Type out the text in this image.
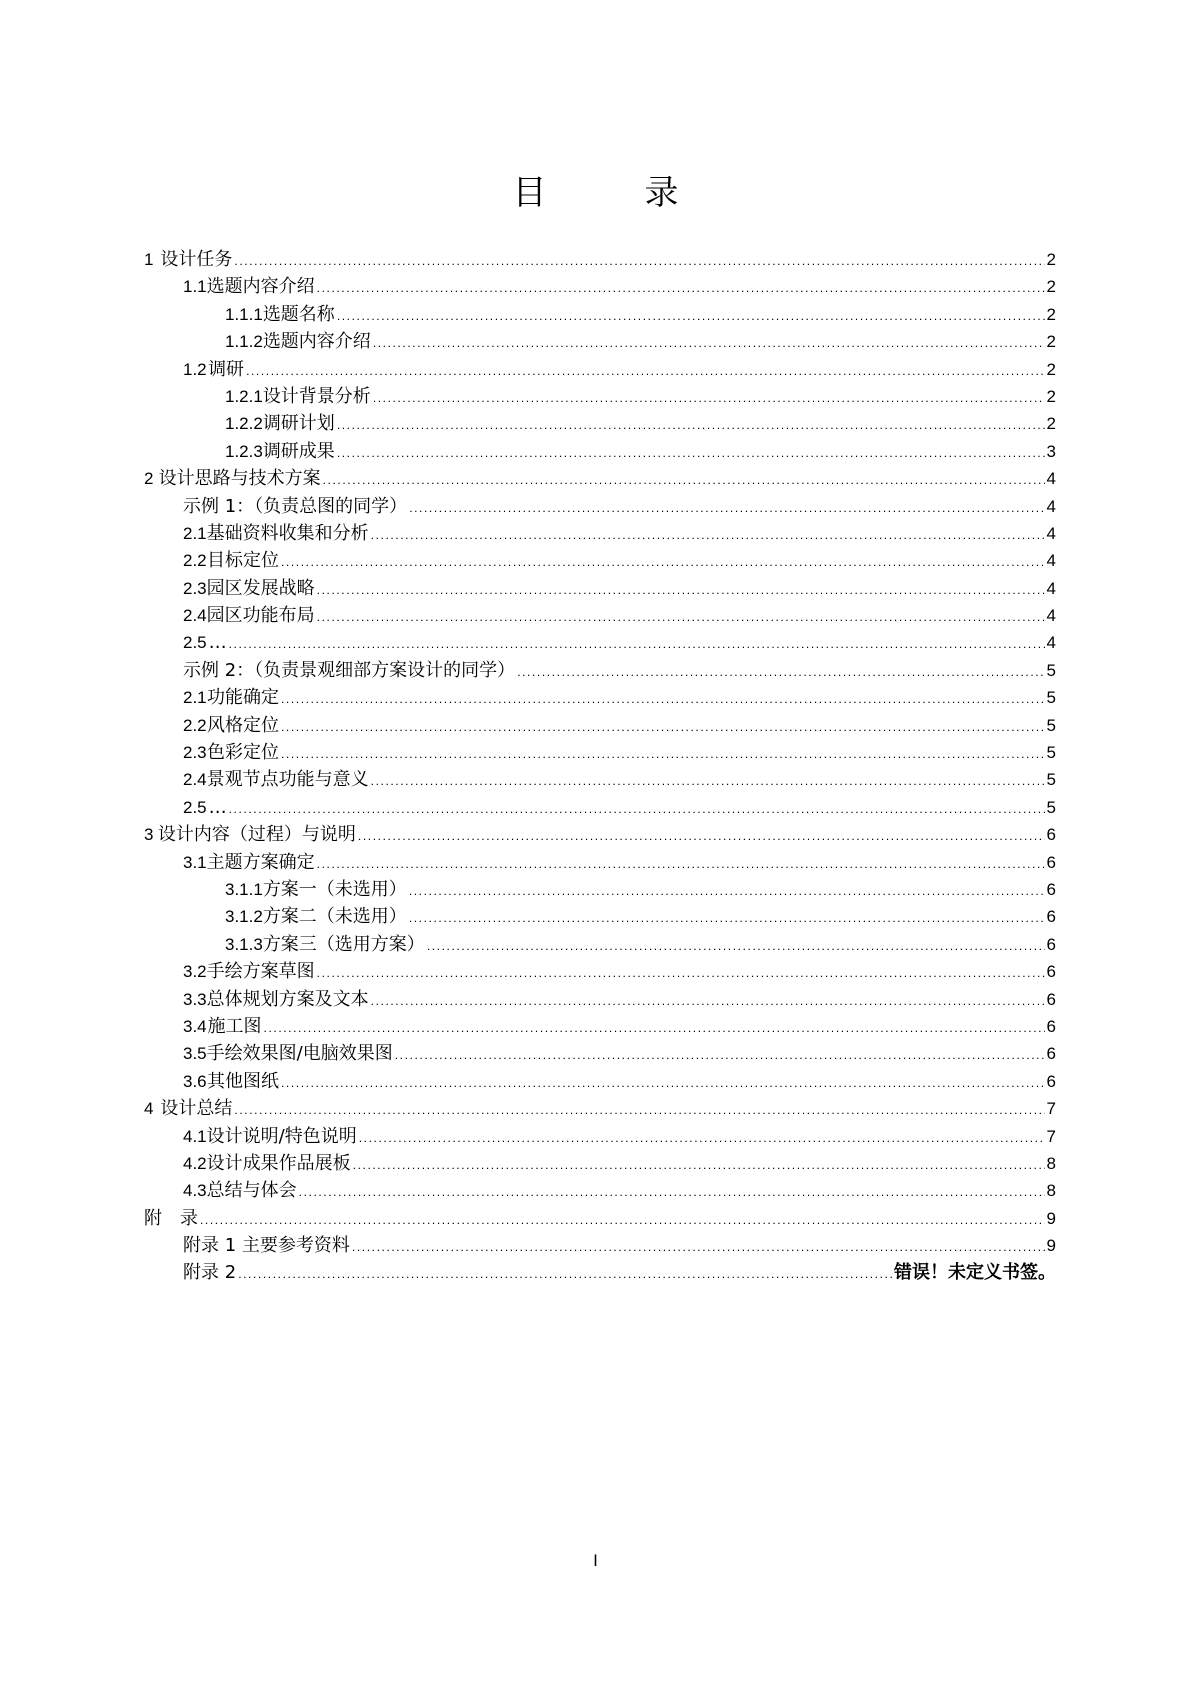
目　录
1 设计任务 .....	2
1.1 选题内容介绍 .....	2
1.1.1 选题名称 .....	2
1.1.2 选题内容介绍 .....	2
1.2 调研 .....	2
1.2.1 设计背景分析 .....	2
1.2.2 调研计划 .....	2
1.2.3 调研成果 .....	3
2 设计思路与技术方案 .....	4
示例 1：（负责总图的同学） .....	4
2.1 基础资料收集和分析 .....	4
2.2 目标定位 .....	4
2.3 园区发展战略 .....	4
2.4 园区功能布局 .....	4
2.5 … .....	4
示例 2：（负责景观细部方案设计的同学） .....	5
2.1 功能确定 .....	5
2.2 风格定位 .....	5
2.3 色彩定位 .....	5
2.4 景观节点功能与意义 .....	5
2.5 … .....	5
3 设计内容（过程）与说明 .....	6
3.1 主题方案确定 .....	6
3.1.1 方案一（未选用） .....	6
3.1.2 方案二（未选用） .....	6
3.1.3 方案三（选用方案） .....	6
3.2 手绘方案草图 .....	6
3.3 总体规划方案及文本 .....	6
3.4 施工图 .....	6
3.5 手绘效果图/电脑效果图 .....	6
3.6 其他图纸 .....	6
4 设计总结 .....	7
4.1 设计说明/特色说明 .....	7
4.2 设计成果作品展板 .....	8
4.3 总结与体会 .....	8
附　录 .....	9
附录 1 主要参考资料 .....	9
附录 2 .....	错误！未定义书签。
I
